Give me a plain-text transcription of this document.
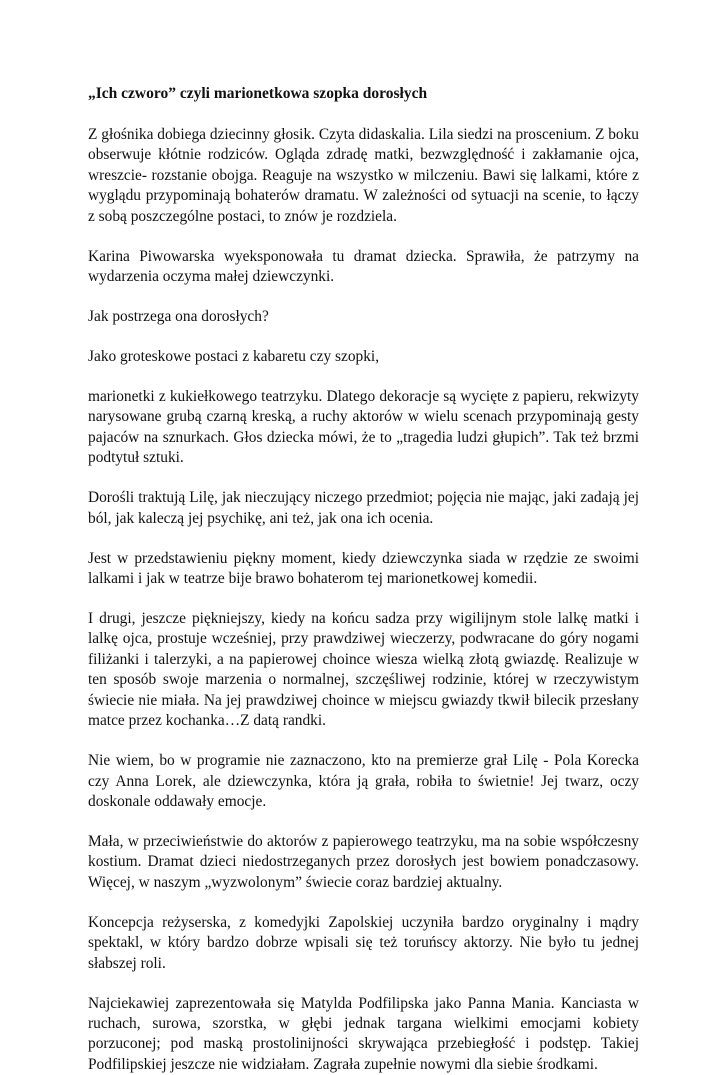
„Ich czworo” czyli marionetkowa szopka dorosłych

Z głośnika dobiega dziecinny głosik. Czyta didaskalia. Lila siedzi na proscenium. Z boku obserwuje kłótnie rodziców. Ogląda zdradę matki, bezwzględność i zakłamanie ojca, wreszcie- rozstanie obojga. Reaguje na wszystko w milczeniu. Bawi się lalkami, które z wyglądu przypominają bohaterów dramatu. W zależności od sytuacji na scenie, to łączy z sobą poszczególne postaci, to znów je rozdziela.

Karina Piwowarska wyeksponowała tu dramat dziecka. Sprawiła, że patrzymy na wydarzenia oczyma małej dziewczynki.

Jak postrzega ona dorosłych?

Jako groteskowe postaci z kabaretu czy szopki,

marionetki z kukiełkowego teatrzyku. Dlatego dekoracje są wycięte z papieru, rekwizyty narysowane grubą czarną kreską, a ruchy aktorów w wielu scenach przypominają gesty pajaców na sznurkach. Głos dziecka mówi, że to „tragedia ludzi głupich”. Tak też brzmi podtytuł sztuki.

Dorośli traktują Lilę, jak nieczujący niczego przedmiot; pojęcia nie mając, jaki zadają jej ból, jak kaleczą jej psychikę, ani też, jak ona ich ocenia.

Jest w przedstawieniu piękny moment, kiedy dziewczynka siada w rzędzie ze swoimi lalkami i jak w teatrze bije brawo bohaterom tej marionetkowej komedii.

I drugi, jeszcze piękniejszy, kiedy na końcu sadza przy wigilijnym stole lalkę matki i lalkę ojca, prostuje wcześniej, przy prawdziwej wieczerzy, podwracane do góry nogami filiżanki i talerzyki, a na papierowej choince wiesza wielką złotą gwiazdę. Realizuje w ten sposób swoje marzenia o normalnej, szczęśliwej rodzinie, której w rzeczywistym świecie nie miała. Na jej prawdziwej choince w miejscu gwiazdy tkwił bilecik przesłany matce przez kochanka…Z datą randki.

Nie wiem, bo w programie nie zaznaczono, kto na premierze grał Lilę - Pola Korecka czy Anna Lorek, ale dziewczynka, która ją grała, robiła to świetnie! Jej twarz, oczy doskonale oddawały emocje.

Mała, w przeciwieństwie do aktorów z papierowego teatrzyku, ma na sobie współczesny kostium. Dramat dzieci niedostrzeganych przez dorosłych jest bowiem ponadczasowy. Więcej, w naszym „wyzwolonym” świecie coraz bardziej aktualny.

Koncepcja reżyserska, z komedyjki Zapolskiej uczyniła bardzo oryginalny i mądry spektakl, w który bardzo dobrze wpisali się też toruńscy aktorzy. Nie było tu jednej słabszej roli.

Najciekawiej zaprezentowała się Matylda Podfilipska jako Panna Mania. Kanciasta w ruchach, surowa, szorstka, w głębi jednak targana wielkimi emocjami kobiety porzuconej; pod maską prostolinijności skrywająca przebiegłość i podstęp. Takiej Podfilipskiej jeszcze nie widziałam. Zagrała zupełnie nowymi dla siebie środkami.
